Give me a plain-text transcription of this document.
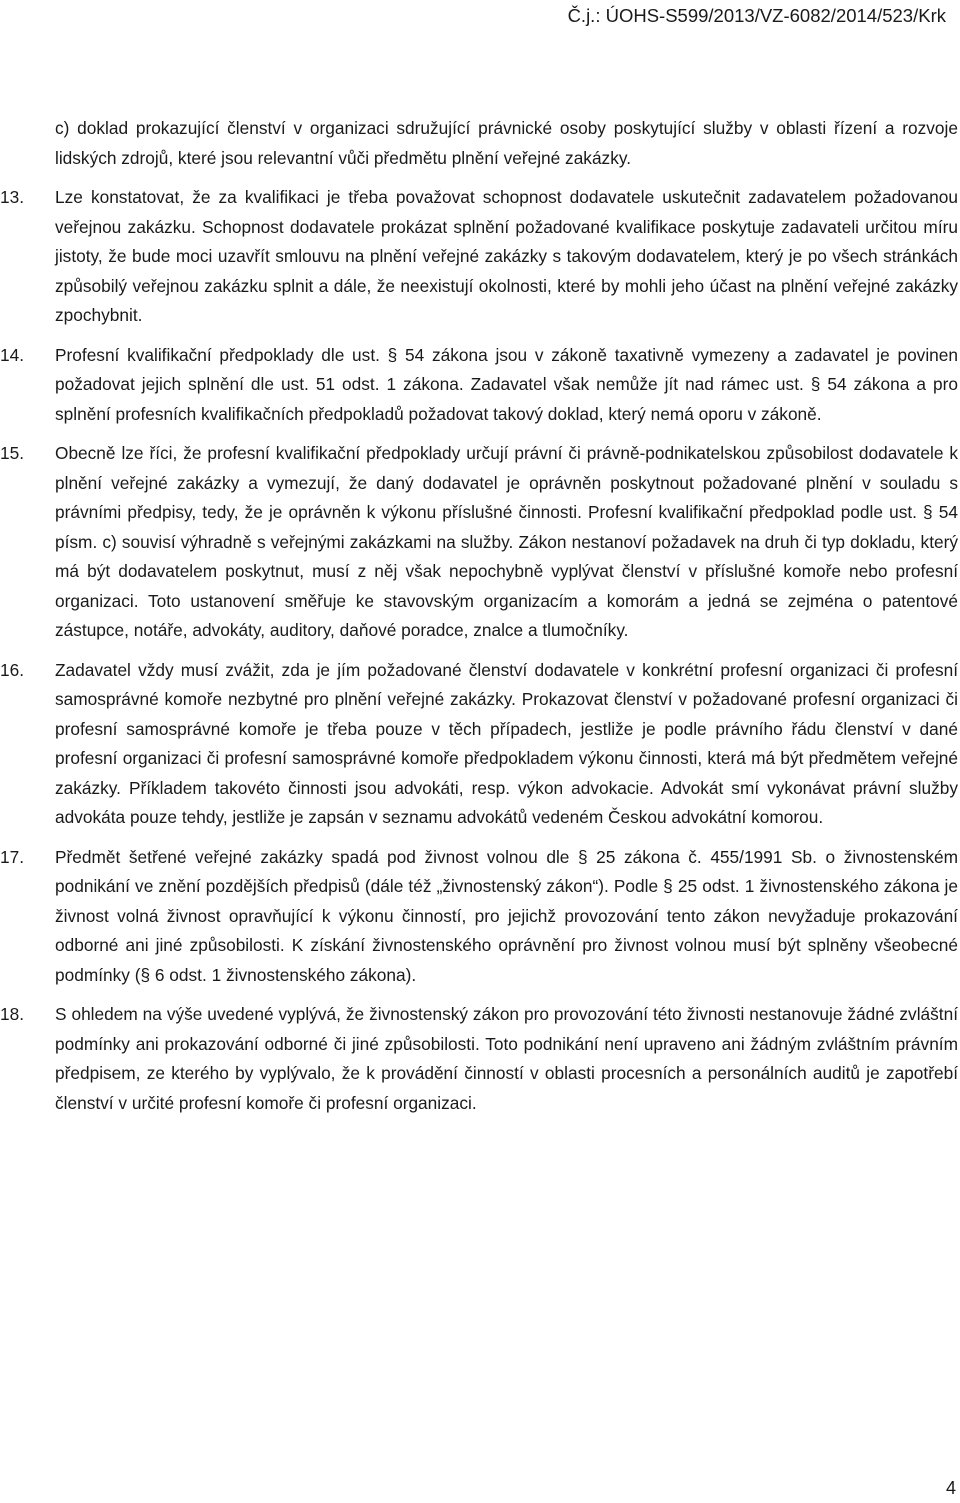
Č.j.: ÚOHS-S599/2013/VZ-6082/2014/523/Krk
c) doklad prokazující členství v organizaci sdružující právnické osoby poskytující služby v oblasti řízení a rozvoje lidských zdrojů, které jsou relevantní vůči předmětu plnění veřejné zakázky.
13. Lze konstatovat, že za kvalifikaci je třeba považovat schopnost dodavatele uskutečnit zadavatelem požadovanou veřejnou zakázku. Schopnost dodavatele prokázat splnění požadované kvalifikace poskytuje zadavateli určitou míru jistoty, že bude moci uzavřít smlouvu na plnění veřejné zakázky s takovým dodavatelem, který je po všech stránkách způsobilý veřejnou zakázku splnit a dále, že neexistují okolnosti, které by mohli jeho účast na plnění veřejné zakázky zpochybnit.
14. Profesní kvalifikační předpoklady dle ust. § 54 zákona jsou v zákoně taxativně vymezeny a zadavatel je povinen požadovat jejich splnění dle ust. 51 odst. 1 zákona. Zadavatel však nemůže jít nad rámec ust. § 54 zákona a pro splnění profesních kvalifikačních předpokladů požadovat takový doklad, který nemá oporu v zákoně.
15. Obecně lze říci, že profesní kvalifikační předpoklady určují právní či právně-podnikatelskou způsobilost dodavatele k plnění veřejné zakázky a vymezují, že daný dodavatel je oprávněn poskytnout požadované plnění v souladu s právními předpisy, tedy, že je oprávněn k výkonu příslušné činnosti. Profesní kvalifikační předpoklad podle ust. § 54 písm. c) souvisí výhradně s veřejnými zakázkami na služby. Zákon nestanoví požadavek na druh či typ dokladu, který má být dodavatelem poskytnut, musí z něj však nepochybně vyplývat členství v příslušné komoře nebo profesní organizaci. Toto ustanovení směřuje ke stavovským organizacím a komorám a jedná se zejména o patentové zástupce, notáře, advokáty, auditory, daňové poradce, znalce a tlumočníky.
16. Zadavatel vždy musí zvážit, zda je jím požadované členství dodavatele v konkrétní profesní organizaci či profesní samosprávné komoře nezbytné pro plnění veřejné zakázky. Prokazovat členství v požadované profesní organizaci či profesní samosprávné komoře je třeba pouze v těch případech, jestliže je podle právního řádu členství v dané profesní organizaci či profesní samosprávné komoře předpokladem výkonu činnosti, která má být předmětem veřejné zakázky. Příkladem takovéto činnosti jsou advokáti, resp. výkon advokacie. Advokát smí vykonávat právní služby advokáta pouze tehdy, jestliže je zapsán v seznamu advokátů vedeném Českou advokátní komorou.
17. Předmět šetřené veřejné zakázky spadá pod živnost volnou dle § 25 zákona č. 455/1991 Sb. o živnostenském podnikání ve znění pozdějších předpisů (dále též „živnostenský zákon“). Podle § 25 odst. 1 živnostenského zákona je živnost volná živnost opravňující k výkonu činností, pro jejichž provozování tento zákon nevyžaduje prokazování odborné ani jiné způsobilosti. K získání živnostenského oprávnění pro živnost volnou musí být splněny všeobecné podmínky (§ 6 odst. 1 živnostenského zákona).
18. S ohledem na výše uvedené vyplývá, že živnostenský zákon pro provozování této živnosti nestanovuje žádné zvláštní podmínky ani prokazování odborné či jiné způsobilosti. Toto podnikání není upraveno ani žádným zvláštním právním předpisem, ze kterého by vyplývalo, že k provádění činností v oblasti procesních a personálních auditů je zapotřebí členství v určité profesní komoře či profesní organizaci.
4
